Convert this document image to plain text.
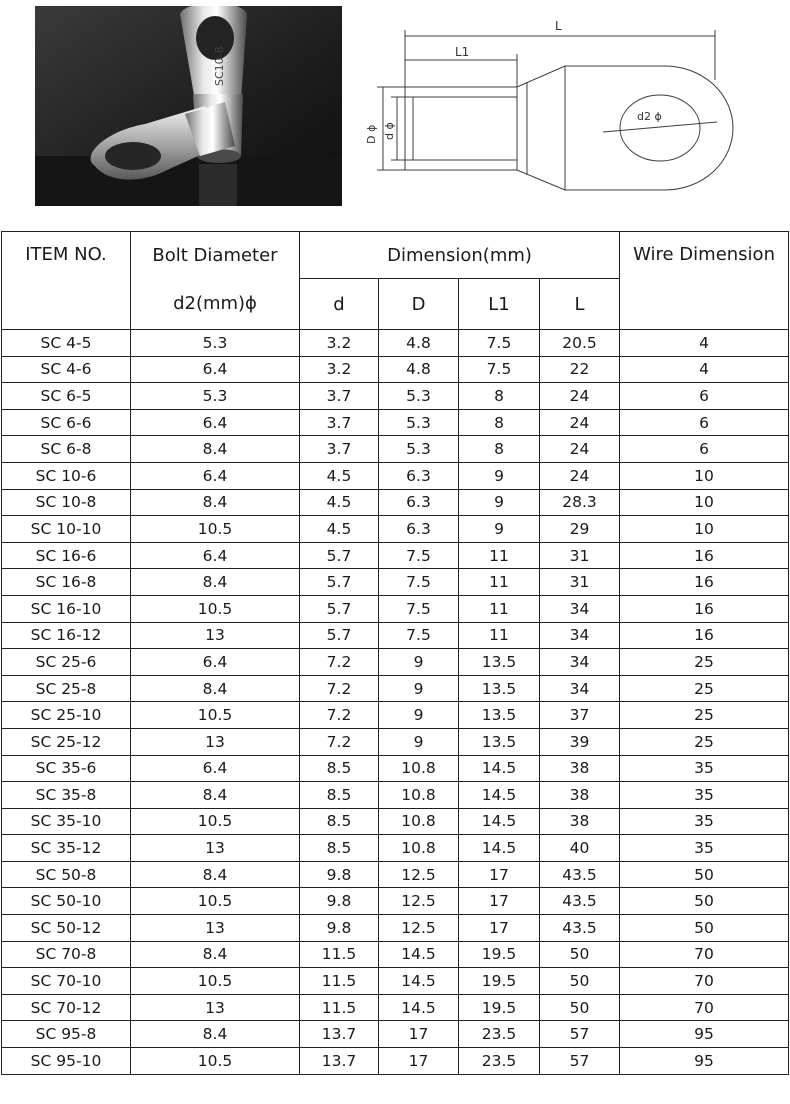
SC10-8
L
L1
D ϕ d ϕ
d2 ϕ
ITEM NO.	Bolt Diameter	Dimension(mm)				Wire Dimension
	d2(mm)ϕ	d	D	L1	L	
SC 4-5	5.3	3.2	4.8	7.5	20.5	4
SC 4-6	6.4	3.2	4.8	7.5	22	4
SC 6-5	5.3	3.7	5.3	8	24	6
SC 6-6	6.4	3.7	5.3	8	24	6
SC 6-8	8.4	3.7	5.3	8	24	6
SC 10-6	6.4	4.5	6.3	9	24	10
SC 10-8	8.4	4.5	6.3	9	28.3	10
SC 10-10	10.5	4.5	6.3	9	29	10
SC 16-6	6.4	5.7	7.5	11	31	16
SC 16-8	8.4	5.7	7.5	11	31	16
SC 16-10	10.5	5.7	7.5	11	34	16
SC 16-12	13	5.7	7.5	11	34	16
SC 25-6	6.4	7.2	9	13.5	34	25
SC 25-8	8.4	7.2	9	13.5	34	25
SC 25-10	10.5	7.2	9	13.5	37	25
SC 25-12	13	7.2	9	13.5	39	25
SC 35-6	6.4	8.5	10.8	14.5	38	35
SC 35-8	8.4	8.5	10.8	14.5	38	35
SC 35-10	10.5	8.5	10.8	14.5	38	35
SC 35-12	13	8.5	10.8	14.5	40	35
SC 50-8	8.4	9.8	12.5	17	43.5	50
SC 50-10	10.5	9.8	12.5	17	43.5	50
SC 50-12	13	9.8	12.5	17	43.5	50
SC 70-8	8.4	11.5	14.5	19.5	50	70
SC 70-10	10.5	11.5	14.5	19.5	50	70
SC 70-12	13	11.5	14.5	19.5	50	70
SC 95-8	8.4	13.7	17	23.5	57	95
SC 95-10	10.5	13.7	17	23.5	57	95
